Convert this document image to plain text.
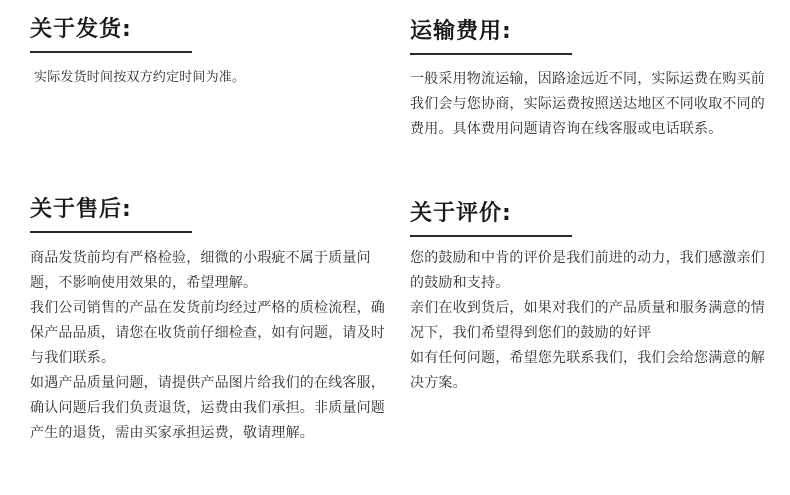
关于发货:

实际发货时间按双方约定时间为准。

运输费用:

一般采用物流运输，因路途远近不同，实际运费在购买前我们会与您协商，实际运费按照送达地区不同收取不同的费用。具体费用问题请咨询在线客服或电话联系。

关于售后:

商品发货前均有严格检验，细微的小瑕疵不属于质量问题，不影响使用效果的，希望理解。

我们公司销售的产品在发货前均经过严格的质检流程，确保产品品质，请您在收货前仔细检查，如有问题，请及时与我们联系。

如遇产品质量问题，请提供产品图片给我们的在线客服，确认问题后我们负责退货，运费由我们承担。非质量问题产生的退货，需由买家承担运费，敬请理解。

关于评价:

您的鼓励和中肯的评价是我们前进的动力，我们感激亲们的鼓励和支持。

亲们在收到货后，如果对我们的产品质量和服务满意的情况下，我们希望得到您们的鼓励的好评

如有任何问题，希望您先联系我们，我们会给您满意的解决方案。
